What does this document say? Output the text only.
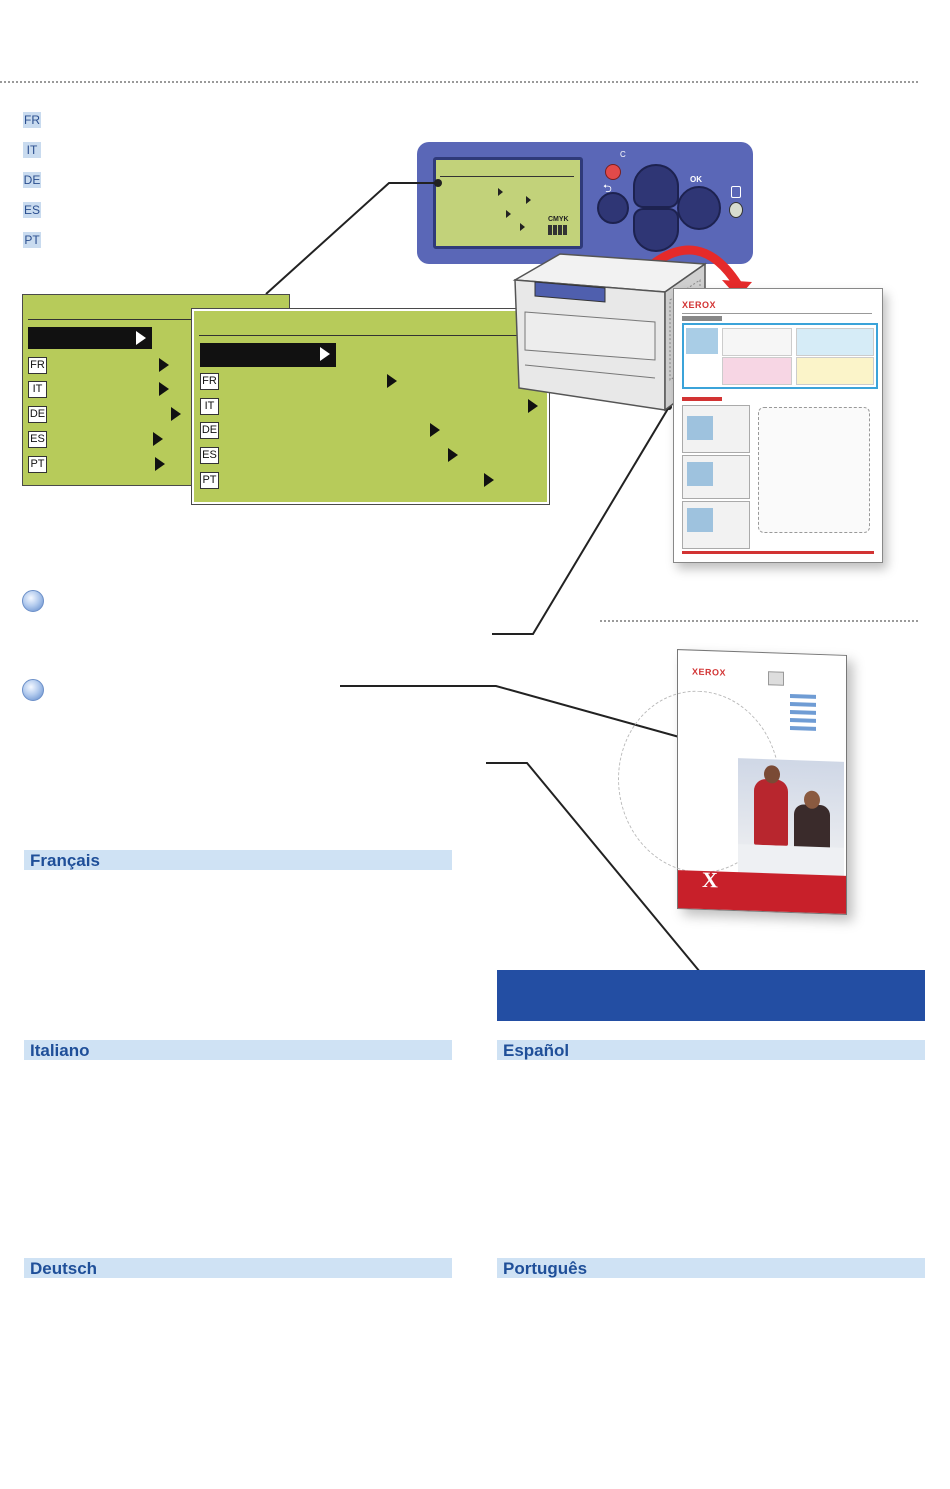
FR
IT
DE
ES
PT
CMYK
C
⮌
OK
FR
IT
DE
ES
PT
FR
IT
DE
ES
PT
XEROX
XEROX
X
Français
Italiano	Español
Deutsch	Português
